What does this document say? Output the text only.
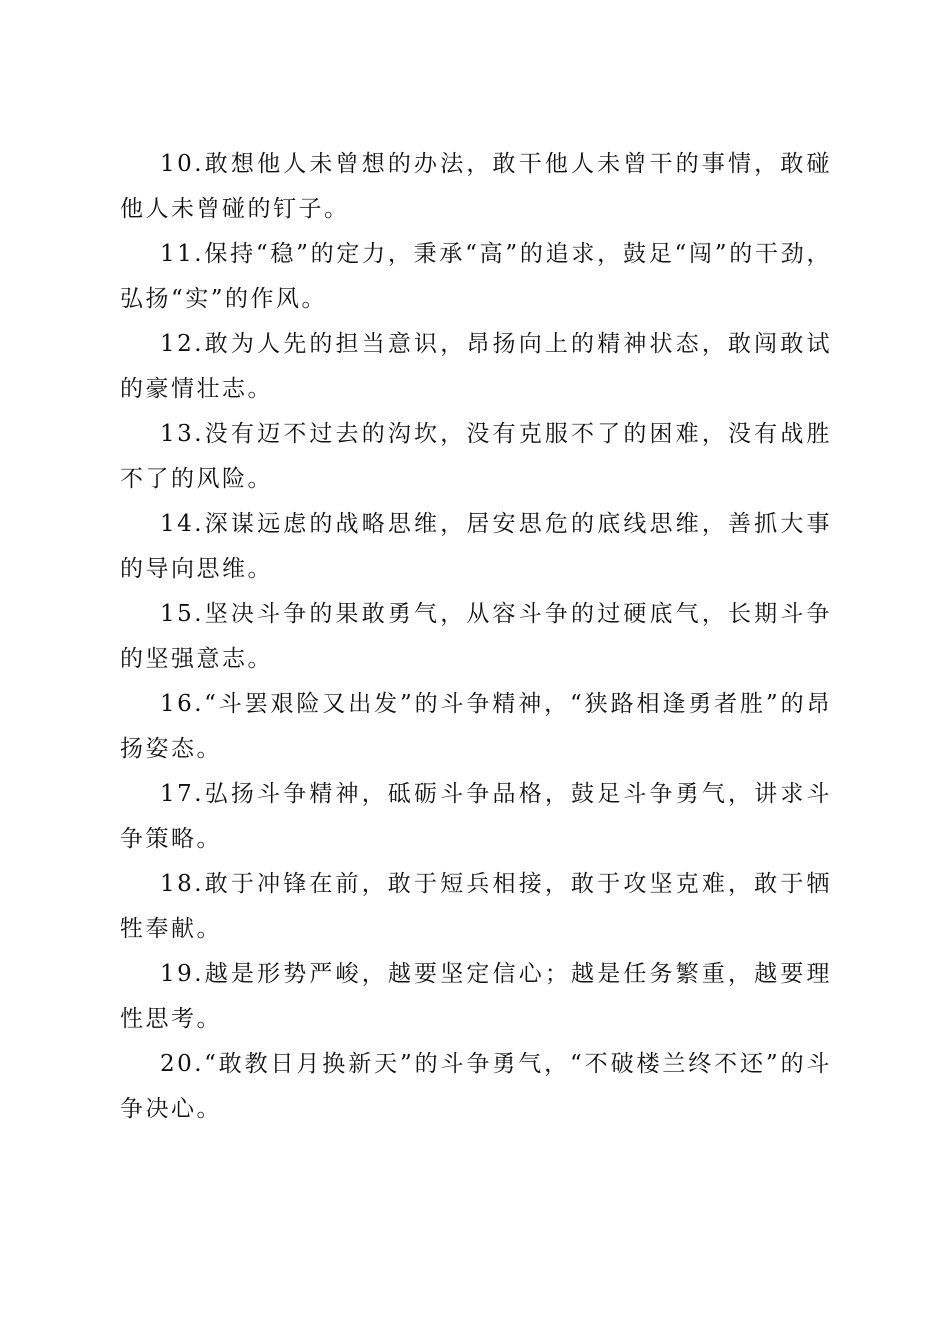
10.敢想他人未曾想的办法，敢干他人未曾干的事情，敢碰他人未曾碰的钉子。

11.保持“稳”的定力，秉承“高”的追求，鼓足“闯”的干劲，弘扬“实”的作风。

12.敢为人先的担当意识，昂扬向上的精神状态，敢闯敢试的豪情壮志。

13.没有迈不过去的沟坎，没有克服不了的困难，没有战胜不了的风险。

14.深谋远虑的战略思维，居安思危的底线思维，善抓大事的导向思维。

15.坚决斗争的果敢勇气，从容斗争的过硬底气，长期斗争的坚强意志。

16.“斗罢艰险又出发”的斗争精神，“狭路相逢勇者胜”的昂扬姿态。

17.弘扬斗争精神，砥砺斗争品格，鼓足斗争勇气，讲求斗争策略。

18.敢于冲锋在前，敢于短兵相接，敢于攻坚克难，敢于牺牲奉献。

19.越是形势严峻，越要坚定信心；越是任务繁重，越要理性思考。

20.“敢教日月换新天”的斗争勇气，“不破楼兰终不还”的斗争决心。
